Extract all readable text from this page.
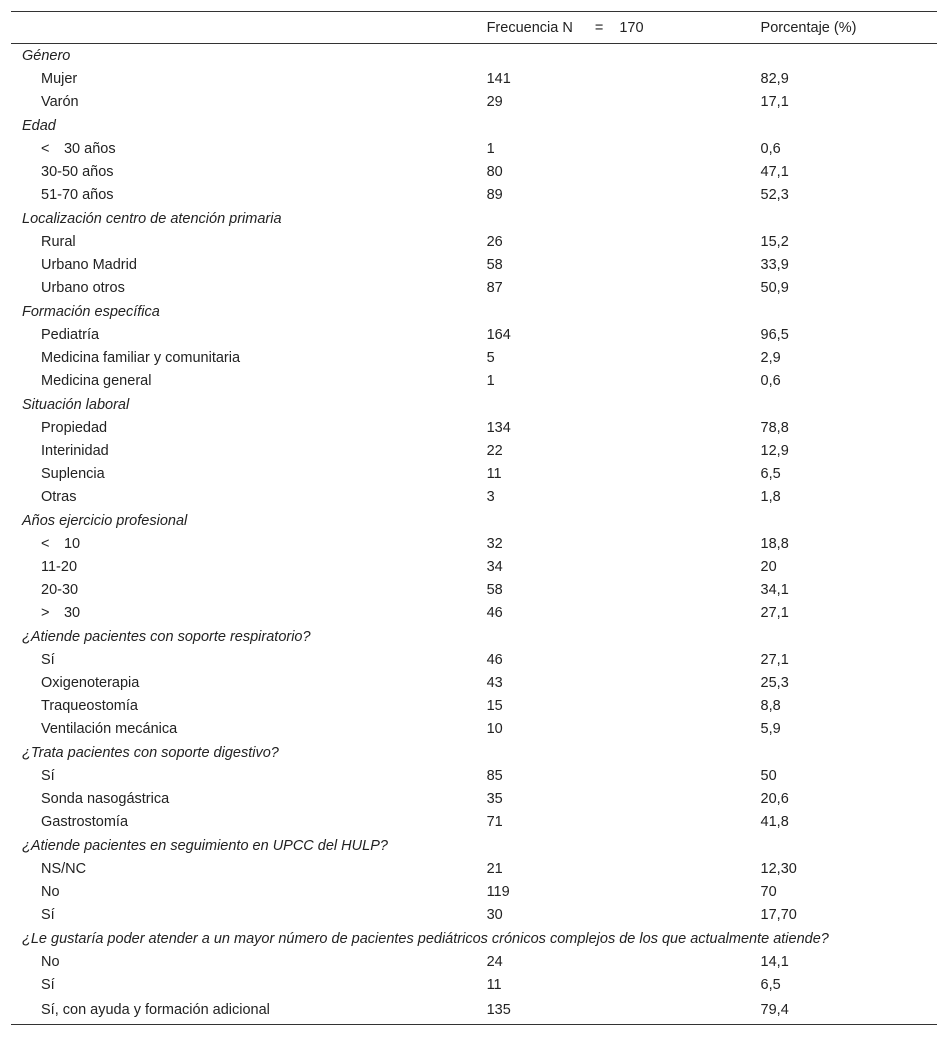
	Frecuencia N = 170	Porcentaje (%)
Género		
Mujer	141	82,9
Varón	29	17,1
Edad		
<  30 años	1	0,6
30-50 años	80	47,1
51-70 años	89	52,3
Localización centro de atención primaria		
Rural	26	15,2
Urbano Madrid	58	33,9
Urbano otros	87	50,9
Formación específica		
Pediatría	164	96,5
Medicina familiar y comunitaria	5	2,9
Medicina general	1	0,6
Situación laboral		
Propiedad	134	78,8
Interinidad	22	12,9
Suplencia	11	6,5
Otras	3	1,8
Años ejercicio profesional		
<  10	32	18,8
11-20	34	20
20-30	58	34,1
>  30	46	27,1
¿Atiende pacientes con soporte respiratorio?		
Sí	46	27,1
Oxigenoterapia	43	25,3
Traqueostomía	15	8,8
Ventilación mecánica	10	5,9
¿Trata pacientes con soporte digestivo?		
Sí	85	50
Sonda nasogástrica	35	20,6
Gastrostomía	71	41,8
¿Atiende pacientes en seguimiento en UPCC del HULP?		
NS/NC	21	12,30
No	119	70
Sí	30	17,70
¿Le gustaría poder atender a un mayor número de pacientes pediátricos crónicos complejos de los que actualmente atiende?		
No	24	14,1
Sí	11	6,5
Sí, con ayuda y formación adicional	135	79,4
